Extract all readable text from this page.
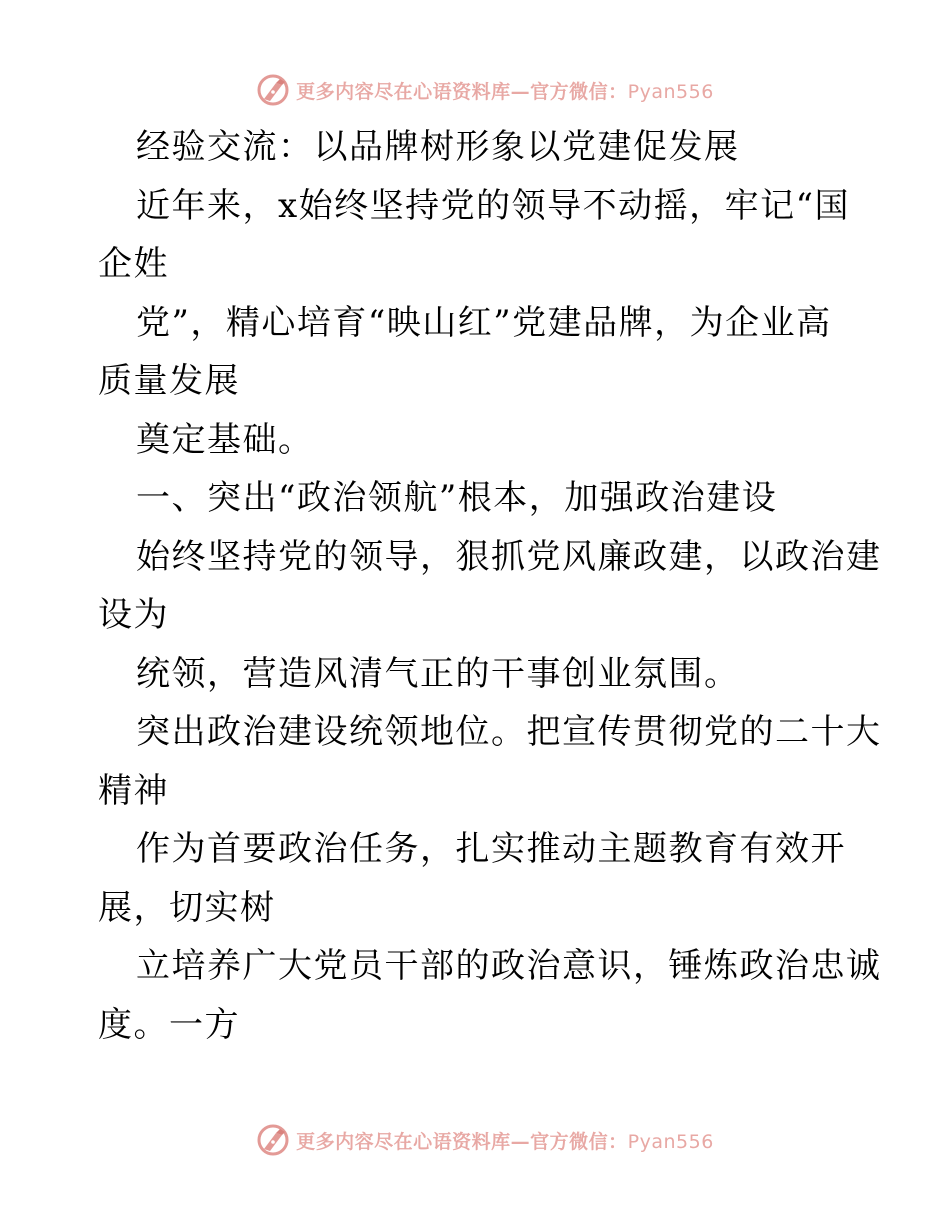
更多内容尽在心语资料库—官方微信：Pyan556
经验交流：以品牌树形象以党建促发展
近年来，x始终坚持党的领导不动摇，牢记“国
企姓
党”，精心培育“映山红”党建品牌，为企业高
质量发展
奠定基础。
一、突出“政治领航”根本，加强政治建设
始终坚持党的领导，狠抓党风廉政建，以政治建
设为
统领，营造风清气正的干事创业氛围。
突出政治建设统领地位。把宣传贯彻党的二十大
精神
作为首要政治任务，扎实推动主题教育有效开
展，切实树
立培养广大党员干部的政治意识，锤炼政治忠诚
度。一方
更多内容尽在心语资料库—官方微信：Pyan556
